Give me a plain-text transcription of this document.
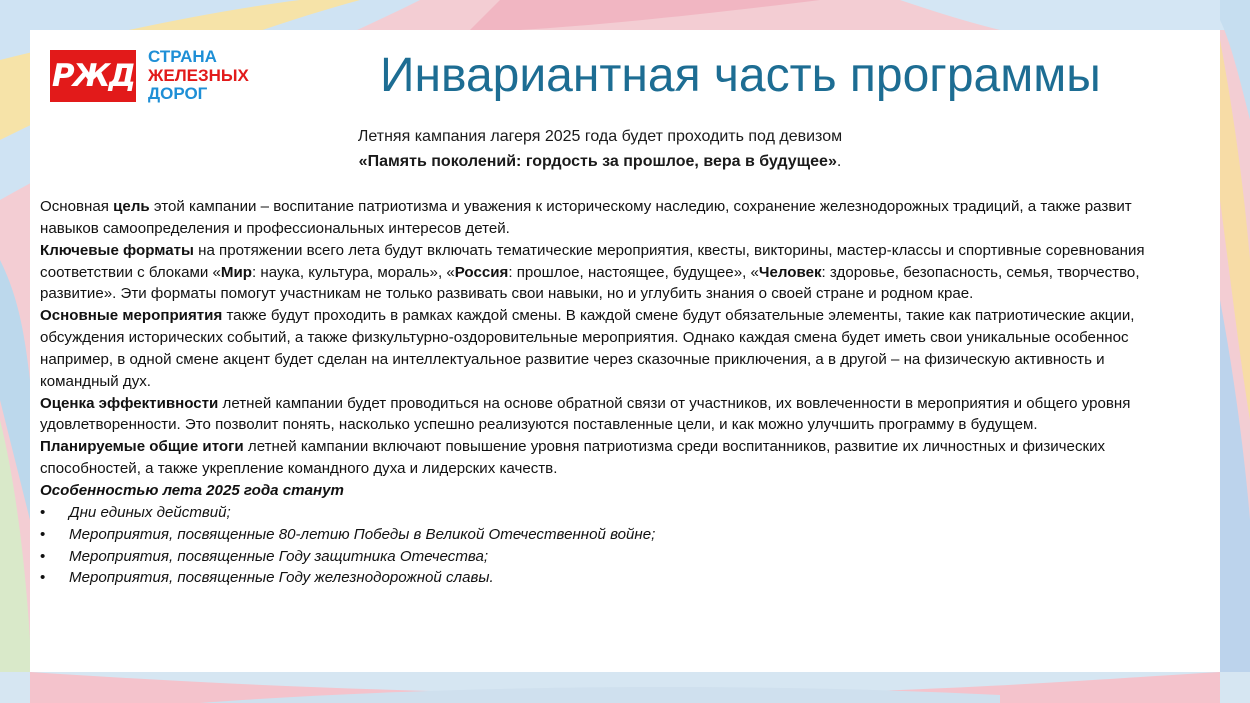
РЖД
СТРАНА
ЖЕЛЕЗНЫХ
ДОРОГ	Инвариантная часть программы
Летняя кампания лагеря 2025 года будет проходить под девизом
«Память поколений: гордость за прошлое, вера в будущее».

Основная цель этой кампании – воспитание патриотизма и уважения к историческому наследию, сохранение железнодорожных традиций, а также развит

навыков самоопределения и профессиональных интересов детей.

Ключевые форматы на протяжении всего лета будут включать тематические мероприятия, квесты, викторины, мастер-классы и спортивные соревнования

соответствии с блоками «Мир: наука, культура, мораль», «Россия: прошлое, настоящее, будущее», «Человек: здоровье, безопасность, семья, творчество,

развитие». Эти форматы помогут участникам не только развивать свои навыки, но и углубить знания о своей стране и родном крае.

Основные мероприятия также будут проходить в рамках каждой смены. В каждой смене будут обязательные элементы, такие как патриотические акции,

обсуждения исторических событий, а также физкультурно-оздоровительные мероприятия. Однако каждая смена будет иметь свои уникальные особеннос

например, в одной смене акцент будет сделан на интеллектуальное развитие через сказочные приключения, а в другой – на физическую активность и

командный дух.

Оценка эффективности летней кампании будет проводиться на основе обратной связи от участников, их вовлеченности в мероприятия и общего уровня

удовлетворенности. Это позволит понять, насколько успешно реализуются поставленные цели, и как можно улучшить программу в будущем.

Планируемые общие итоги летней кампании включают повышение уровня патриотизма среди воспитанников, развитие их личностных и физических

способностей, а также укрепление командного духа и лидерских качеств.

Особенностью лета 2025 года станут

• Дни единых действий;
• Мероприятия, посвященные 80-летию Победы в Великой Отечественной войне;
• Мероприятия, посвященные Году защитника Отечества;
• Мероприятия, посвященные Году железнодорожной славы.
